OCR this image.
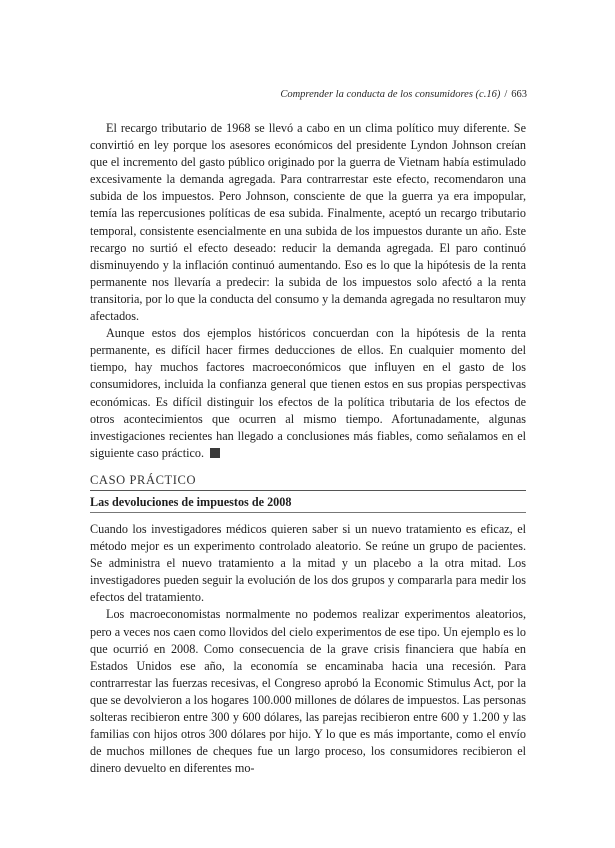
Comprender la conducta de los consumidores (c.16) / 663

El recargo tributario de 1968 se llevó a cabo en un clima político muy diferente. Se convirtió en ley porque los asesores económicos del presidente Lyndon Johnson creían que el incremento del gasto público originado por la guerra de Vietnam había estimulado excesivamente la demanda agregada. Para contrarrestar este efecto, recomendaron una subida de los impuestos. Pero Johnson, consciente de que la guerra ya era impopular, temía las repercusiones políticas de esa subida. Finalmente, aceptó un recargo tributario temporal, consistente esencialmente en una subida de los impuestos durante un año. Este recargo no surtió el efecto deseado: reducir la demanda agregada. El paro continuó disminuyendo y la inflación continuó aumentando. Eso es lo que la hipótesis de la renta permanente nos llevaría a predecir: la subida de los impuestos solo afectó a la renta transitoria, por lo que la conducta del consumo y la demanda agregada no resultaron muy afectados.

Aunque estos dos ejemplos históricos concuerdan con la hipótesis de la renta permanente, es difícil hacer firmes deducciones de ellos. En cualquier momento del tiempo, hay muchos factores macroeconómicos que influyen en el gasto de los consumidores, incluida la confianza general que tienen estos en sus propias perspectivas económicas. Es difícil distinguir los efectos de la política tributaria de los efectos de otros acontecimientos que ocurren al mismo tiempo. Afortunadamente, algunas investigaciones recientes han llegado a conclusiones más fiables, como señalamos en el siguiente caso práctico.

CASO PRÁCTICO
Las devoluciones de impuestos de 2008

Cuando los investigadores médicos quieren saber si un nuevo tratamiento es eficaz, el método mejor es un experimento controlado aleatorio. Se reúne un grupo de pacientes. Se administra el nuevo tratamiento a la mitad y un placebo a la otra mitad. Los investigadores pueden seguir la evolución de los dos grupos y compararla para medir los efectos del tratamiento.

Los macroeconomistas normalmente no podemos realizar experimentos aleatorios, pero a veces nos caen como llovidos del cielo experimentos de ese tipo. Un ejemplo es lo que ocurrió en 2008. Como consecuencia de la grave crisis financiera que había en Estados Unidos ese año, la economía se encaminaba hacia una recesión. Para contrarrestar las fuerzas recesivas, el Congreso aprobó la Economic Stimulus Act, por la que se devolvieron a los hogares 100.000 millones de dólares de impuestos. Las personas solteras recibieron entre 300 y 600 dólares, las parejas recibieron entre 600 y 1.200 y las familias con hijos otros 300 dólares por hijo. Y lo que es más importante, como el envío de muchos millones de cheques fue un largo proceso, los consumidores recibieron el dinero devuelto en diferentes mo-
